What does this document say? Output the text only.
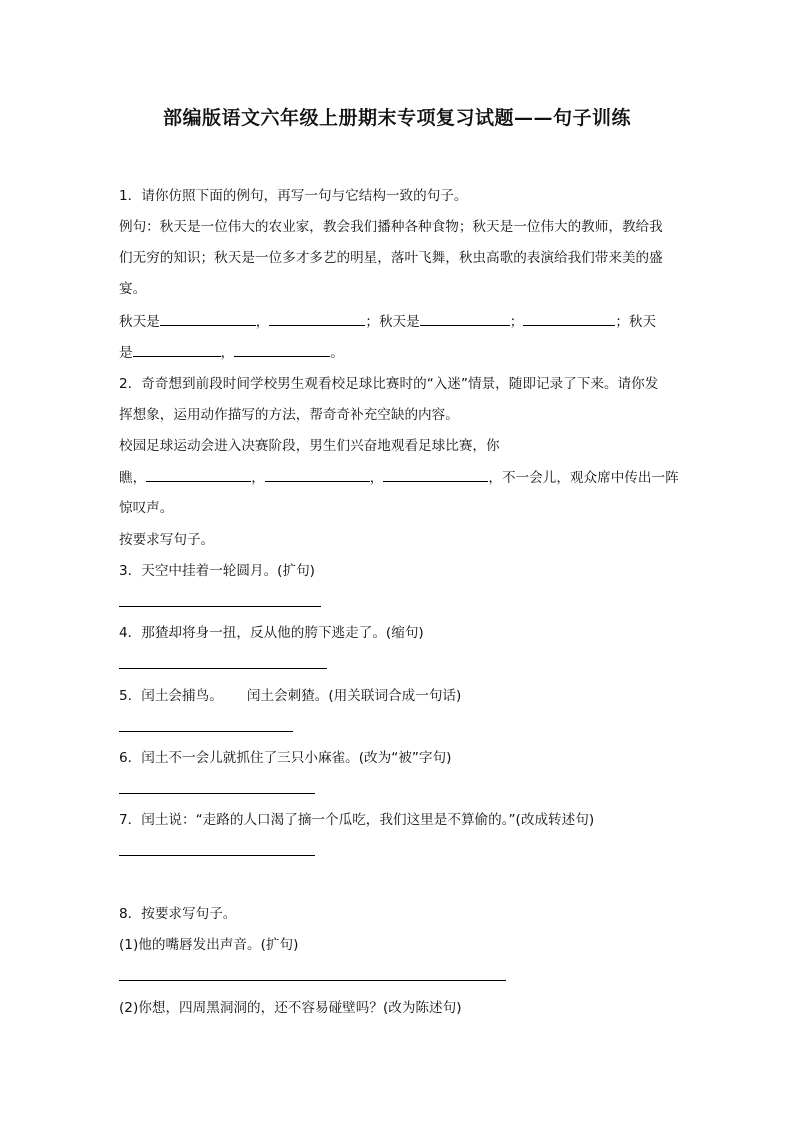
部编版语文六年级上册期末专项复习试题——句子训练
1．请你仿照下面的例句，再写一句与它结构一致的句子。
例句：秋天是一位伟大的农业家，教会我们播种各种食物；秋天是一位伟大的教师，教给我
们无穷的知识；秋天是一位多才多艺的明星，落叶飞舞，秋虫高歌的表演给我们带来美的盛
宴。
秋天是	，	；秋天是	；	；秋天
是	，	。
2．奇奇想到前段时间学校男生观看校足球比赛时的“入迷”情景，随即记录了下来。请你发
挥想象，运用动作描写的方法，帮奇奇补充空缺的内容。
校园足球运动会进入决赛阶段，男生们兴奋地观看足球比赛，你
瞧，	，	，	，不一会儿，观众席中传出一阵
惊叹声。
按要求写句子。
3．天空中挂着一轮圆月。(扩句)
4．那猹却将身一扭，反从他的胯下逃走了。(缩句)
5．闰土会捕鸟。 闰土会刺猹。(用关联词合成一句话)
6．闰土不一会儿就抓住了三只小麻雀。(改为“被”字句)
7．闰土说：“走路的人口渴了摘一个瓜吃，我们这里是不算偷的。”(改成转述句)
8．按要求写句子。
(1)他的嘴唇发出声音。(扩句)
(2)你想，四周黑洞洞的，还不容易碰壁吗？(改为陈述句)
